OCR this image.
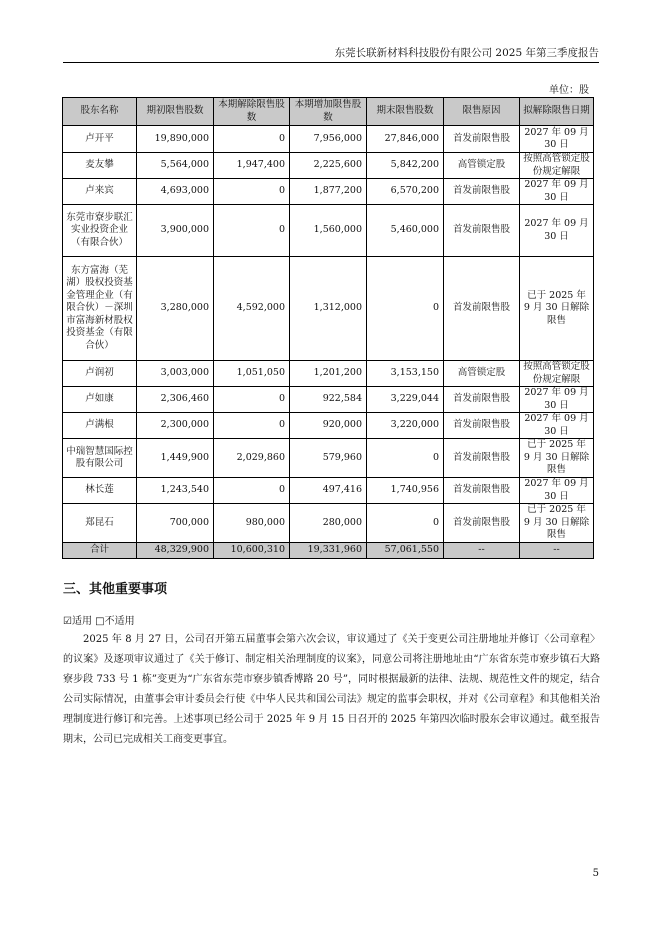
东莞长联新材料科技股份有限公司 2025 年第三季度报告
单位：股
股东名称	期初限售股数	本期解除限售股数	本期增加限售股数	期末限售股数	限售原因	拟解除限售日期
卢开平	19,890,000	0	7,956,000	27,846,000	首发前限售股	2027 年 09 月 30 日
麦友攀	5,564,000	1,947,400	2,225,600	5,842,200	高管锁定股	按照高管锁定股份规定解限
卢来宾	4,693,000	0	1,877,200	6,570,200	首发前限售股	2027 年 09 月 30 日
东莞市寮步联汇实业投资企业（有限合伙）	3,900,000	0	1,560,000	5,460,000	首发前限售股	2027 年 09 月 30 日
东方富海（芜湖）股权投资基金管理企业（有限合伙）－深圳市富海新材股权投资基金（有限合伙）	3,280,000	4,592,000	1,312,000	0	首发前限售股	已于 2025 年 9 月 30 日解除限售
卢润初	3,003,000	1,051,050	1,201,200	3,153,150	高管锁定股	按照高管锁定股份规定解限
卢如康	2,306,460	0	922,584	3,229,044	首发前限售股	2027 年 09 月 30 日
卢满根	2,300,000	0	920,000	3,220,000	首发前限售股	2027 年 09 月 30 日
中瑞智慧国际控股有限公司	1,449,900	2,029,860	579,960	0	首发前限售股	已于 2025 年 9 月 30 日解除限售
林长莲	1,243,540	0	497,416	1,740,956	首发前限售股	2027 年 09 月 30 日
郑昆石	700,000	980,000	280,000	0	首发前限售股	已于 2025 年 9 月 30 日解除限售
合计	48,329,900	10,600,310	19,331,960	57,061,550	--	--
三、其他重要事项
☑适用 □不适用
2025 年 8 月 27 日，公司召开第五届董事会第六次会议，审议通过了《关于变更公司注册地址并修订〈公司章程〉的议案》及逐项审议通过了《关于修订、制定相关治理制度的议案》，同意公司将注册地址由“广东省东莞市寮步镇石大路寮步段 733 号 1 栋”变更为“广东省东莞市寮步镇香博路 20 号”，同时根据最新的法律、法规、规范性文件的规定，结合公司实际情况，由董事会审计委员会行使《中华人民共和国公司法》规定的监事会职权，并对《公司章程》和其他相关治理制度进行修订和完善。上述事项已经公司于 2025 年 9 月 15 日召开的 2025 年第四次临时股东会审议通过。截至报告期末，公司已完成相关工商变更事宜。
5
